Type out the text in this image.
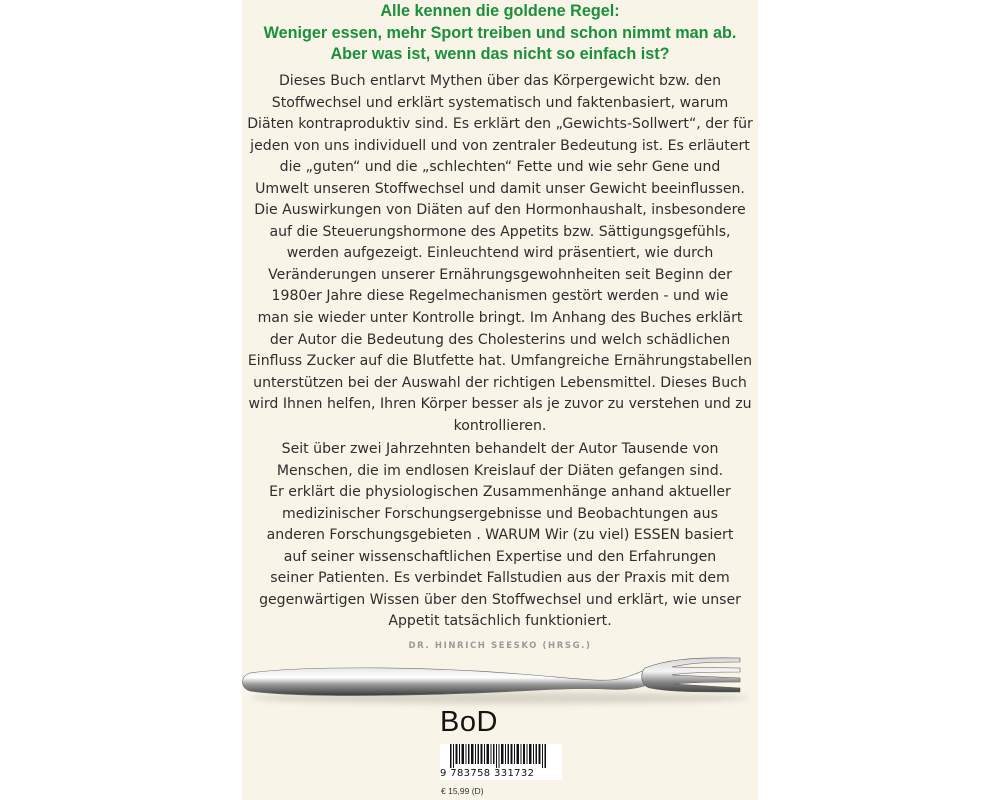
Alle kennen die goldene Regel:
Weniger essen, mehr Sport treiben und schon nimmt man ab.
Aber was ist, wenn das nicht so einfach ist?
Dieses Buch entlarvt Mythen über das Körpergewicht bzw. den
Stoffwechsel und erklärt systematisch und faktenbasiert, warum
Diäten kontraproduktiv sind. Es erklärt den „Gewichts-Sollwert“, der für
jeden von uns individuell und von zentraler Bedeutung ist. Es erläutert
die „guten“ und die „schlechten“ Fette und wie sehr Gene und
Umwelt unseren Stoffwechsel und damit unser Gewicht beeinflussen.
Die Auswirkungen von Diäten auf den Hormonhaushalt, insbesondere
auf die Steuerungshormone des Appetits bzw. Sättigungsgefühls,
werden aufgezeigt. Einleuchtend wird präsentiert, wie durch
Veränderungen unserer Ernährungsgewohnheiten seit Beginn der
1980er Jahre diese Regelmechanismen gestört werden - und wie
man sie wieder unter Kontrolle bringt. Im Anhang des Buches erklärt
der Autor die Bedeutung des Cholesterins und welch schädlichen
Einfluss Zucker auf die Blutfette hat. Umfangreiche Ernährungstabellen
unterstützen bei der Auswahl der richtigen Lebensmittel. Dieses Buch
wird Ihnen helfen, Ihren Körper besser als je zuvor zu verstehen und zu
kontrollieren.
Seit über zwei Jahrzehnten behandelt der Autor Tausende von
Menschen, die im endlosen Kreislauf der Diäten gefangen sind.
Er erklärt die physiologischen Zusammenhänge anhand aktueller
medizinischer Forschungsergebnisse und Beobachtungen aus
anderen Forschungsgebieten . WARUM Wir (zu viel) ESSEN basiert
auf seiner wissenschaftlichen Expertise und den Erfahrungen
seiner Patienten. Es verbindet Fallstudien aus der Praxis mit dem
gegenwärtigen Wissen über den Stoffwechsel und erklärt, wie unser
Appetit tatsächlich funktioniert.
DR. HINRICH SEESKO (HRSG.)
BoD
9 783758 331732
€ 15,99 (D)
